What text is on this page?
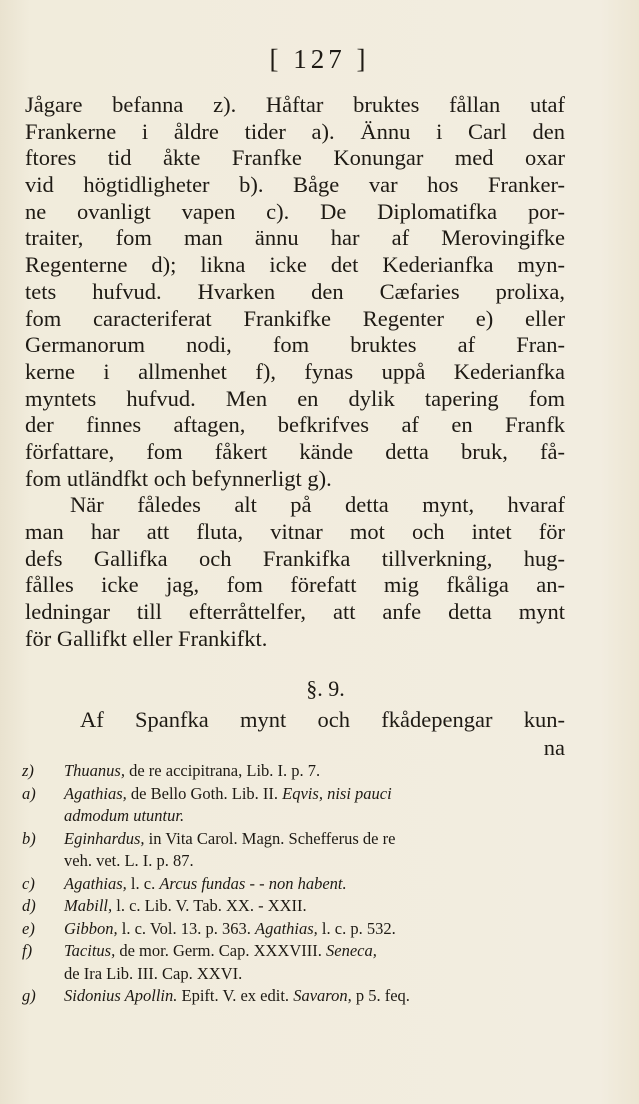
[ 127 ]
Jågare befanna z). Håftar bruktes fållan utaf
Frankerne i åldre tider a). Ännu i Carl den
ftores tid åkte Franfke Konungar med oxar
vid högtidligheter b). Båge var hos Franker-
ne ovanligt vapen c). De Diplomatifka por-
traiter, fom man ännu har af Merovingifke
Regenterne d); likna icke det Kederianfka myn-
tets hufvud. Hvarken den Cæfaries prolixa,
fom caracteriferat Frankifke Regenter e) eller
Germanorum nodi, fom bruktes af Fran-
kerne i allmenhet f), fynas uppå Kederianfka
myntets hufvud. Men en dylik tapering fom
der finnes aftagen, befkrifves af en Franfk
författare, fom fåkert kände detta bruk, få-
fom utländfkt och befynnerligt g).
När fåledes alt på detta mynt, hvaraf
man har att fluta, vitnar mot och intet för
defs Gallifka och Frankifka tillverkning, hug-
fålles icke jag, fom förefatt mig fkåliga an-
ledningar till efterråttelfer, att anfe detta mynt
för Gallifkt eller Frankifkt.
§. 9.
Af Spanfka mynt och fkådepengar kun-
na
z)	Thuanus, de re accipitrana, Lib. I. p. 7.
a)	Agathias, de Bello Goth. Lib. II. Eqvis, nisi pauci
admodum utuntur.
b)	Eginhardus, in Vita Carol. Magn. Schefferus de re
veh. vet. L. I. p. 87.
c)	Agathias, l. c. Arcus fundas - - non habent.
d)	Mabill, l. c. Lib. V. Tab. XX. - XXII.
e)	Gibbon, l. c. Vol. 13. p. 363. Agathias, l. c. p. 532.
f)	Tacitus, de mor. Germ. Cap. XXXVIII. Seneca,
de Ira Lib. III. Cap. XXVI.
g)	Sidonius Apollin. Epift. V. ex edit. Savaron, p 5. feq.
